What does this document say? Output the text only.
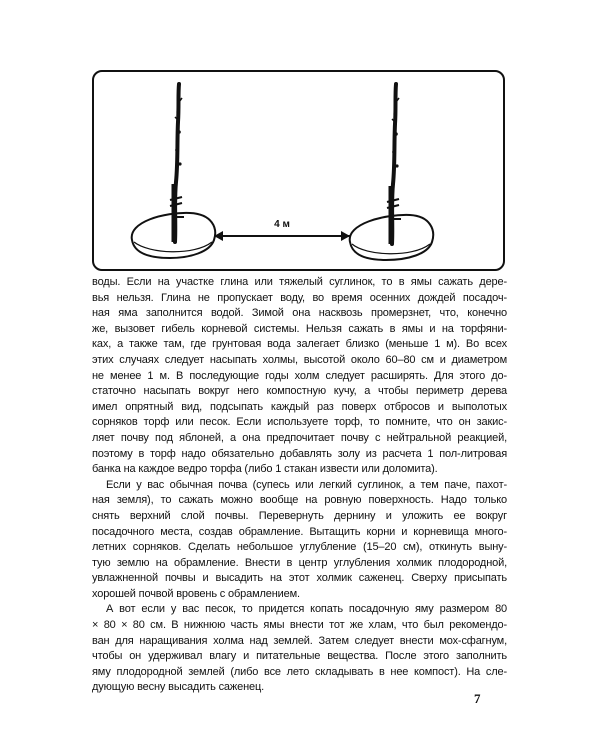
4 м

воды. Если на участке глина или тяжелый суглинок, то в ямы сажать дере-
вья нельзя. Глина не пропускает воду, во время осенних дождей посадоч-
ная яма заполнится водой. Зимой она насквозь промерзнет, что, конечно
же, вызовет гибель корневой системы. Нельзя сажать в ямы и на торфяни-
ках, а также там, где грунтовая вода залегает близко (меньше 1 м). Во всех
этих случаях следует насыпать холмы, высотой около 60–80 см и диаметром
не менее 1 м. В последующие годы холм следует расширять. Для этого до-
статочно насыпать вокруг него компостную кучу, а чтобы периметр дерева
имел опрятный вид, подсыпать каждый раз поверх отбросов и выполотых
сорняков торф или песок. Если используете торф, то помните, что он закис-
ляет почву под яблоней, а она предпочитает почву с нейтральной реакцией,
поэтому в торф надо обязательно добавлять золу из расчета 1 пол-литровая
банка на каждое ведро торфа (либо 1 стакан извести или доломита).

Если у вас обычная почва (супесь или легкий суглинок, а тем паче, пахот-
ная земля), то сажать можно вообще на ровную поверхность. Надо только
снять верхний слой почвы. Перевернуть дернину и уложить ее вокруг
посадочного места, создав обрамление. Вытащить корни и корневища много-
летних сорняков. Сделать небольшое углубление (15–20 см), откинуть выну-
тую землю на обрамление. Внести в центр углубления холмик плодородной,
увлажненной почвы и высадить на этот холмик саженец. Сверху присыпать
хорошей почвой вровень с обрамлением.

А вот если у вас песок, то придется копать посадочную яму размером 80
× 80 × 80 см. В нижнюю часть ямы внести тот же хлам, что был рекомендо-
ван для наращивания холма над землей. Затем следует внести мох-сфагнум,
чтобы он удерживал влагу и питательные вещества. После этого заполнить
яму плодородной землей (либо все лето складывать в нее компост). На сле-
дующую весну высадить саженец.

7
